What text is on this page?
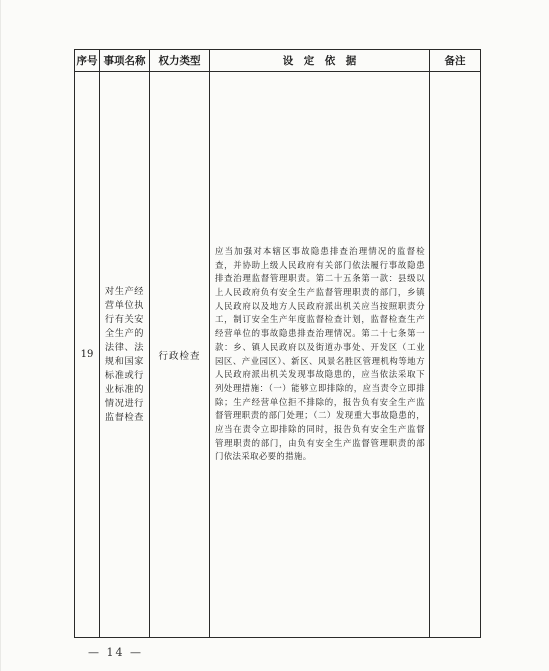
序号	事项名称	权力类型	设　定　依　据	备注
19	对生产经营单位执行有关安全生产的法律、法规和国家标准或行业标准的情况进行监督检查	行政检查	应当加强对本辖区事故隐患排查治理情况的监督检查，并协助上级人民政府有关部门依法履行事故隐患排查治理监督管理职责。第二十五条第一款：县级以上人民政府负有安全生产监督管理职责的部门，乡镇人民政府以及地方人民政府派出机关应当按照职责分工，制订安全生产年度监督检查计划，监督检查生产经营单位的事故隐患排查治理情况。第二十七条第一款：乡、镇人民政府以及街道办事处、开发区（工业园区、产业园区）、新区、风景名胜区管理机构等地方人民政府派出机关发现事故隐患的，应当依法采取下列处理措施：（一）能够立即排除的，应当责令立即排除；生产经营单位拒不排除的，报告负有安全生产监督管理职责的部门处理；（二）发现重大事故隐患的，应当在责令立即排除的同时，报告负有安全生产监督管理职责的部门，由负有安全生产监督管理职责的部门依法采取必要的措施。	
— 14 —
